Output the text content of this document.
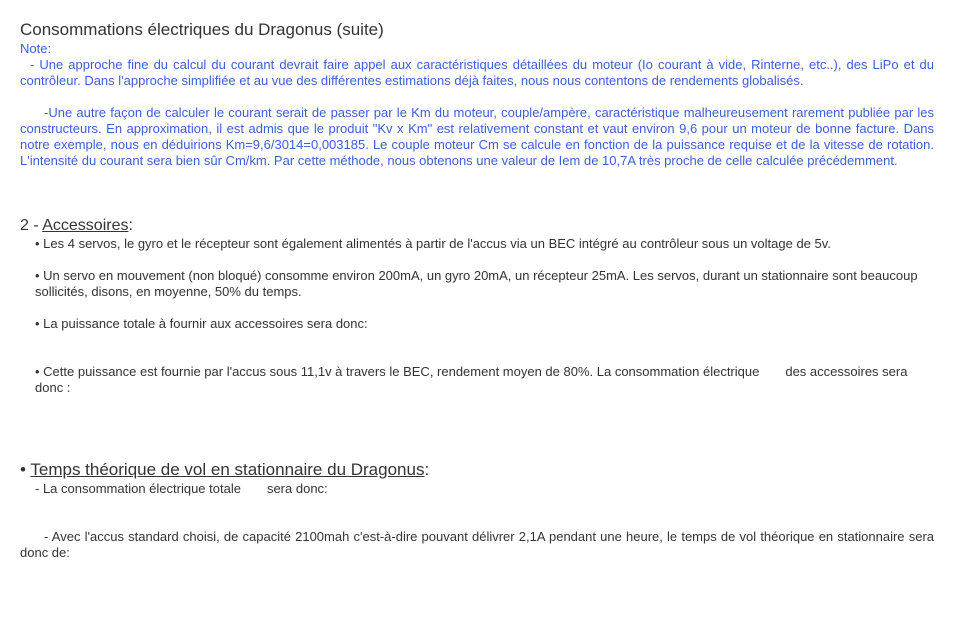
Consommations électriques du Dragonus (suite)
Note:
- Une approche fine du calcul du courant devrait faire appel aux caractéristiques détaillées du moteur (Io courant à vide, Rinterne, etc..), des LiPo et du contrôleur. Dans l'approche simplifiée et au vue des différentes estimations déjà faites, nous nous contentons de rendements globalisés.
-Une autre façon de calculer le courant serait de passer par le Km du moteur, couple/ampère, caractéristique malheureusement rarement publiée par les constructeurs. En approximation, il est admis que le produit "Kv x Km" est relativement constant et vaut environ 9,6 pour un moteur de bonne facture. Dans notre exemple, nous en déduirions Km=9,6/3014=0,003185. Le couple moteur Cm se calcule en fonction de la puissance requise et de la vitesse de rotation. L'intensité du courant sera bien sûr Cm/km. Par cette méthode, nous obtenons une valeur de Iem de 10,7A très proche de celle calculée précédemment.
2 - Accessoires:
• Les 4 servos, le gyro et le récepteur sont également alimentés à partir de l'accus via un BEC intégré au contrôleur sous un voltage de 5v.
• Un servo en mouvement (non bloqué) consomme environ 200mA, un gyro 20mA, un récepteur 25mA. Les servos, durant un stationnaire sont beaucoup sollicités, disons, en moyenne, 50% du temps.
• La puissance totale à fournir aux accessoires sera donc:
• Cette puissance est fournie par l'accus sous 11,1v à travers le BEC, rendement moyen de 80%. La consommation électrique des accessoires sera donc :
• Temps théorique de vol en stationnaire du Dragonus:
- La consommation électrique totale sera donc:
- Avec l'accus standard choisi, de capacité 2100mah c'est-à-dire pouvant délivrer 2,1A pendant une heure, le temps de vol théorique en stationnaire sera donc de:
